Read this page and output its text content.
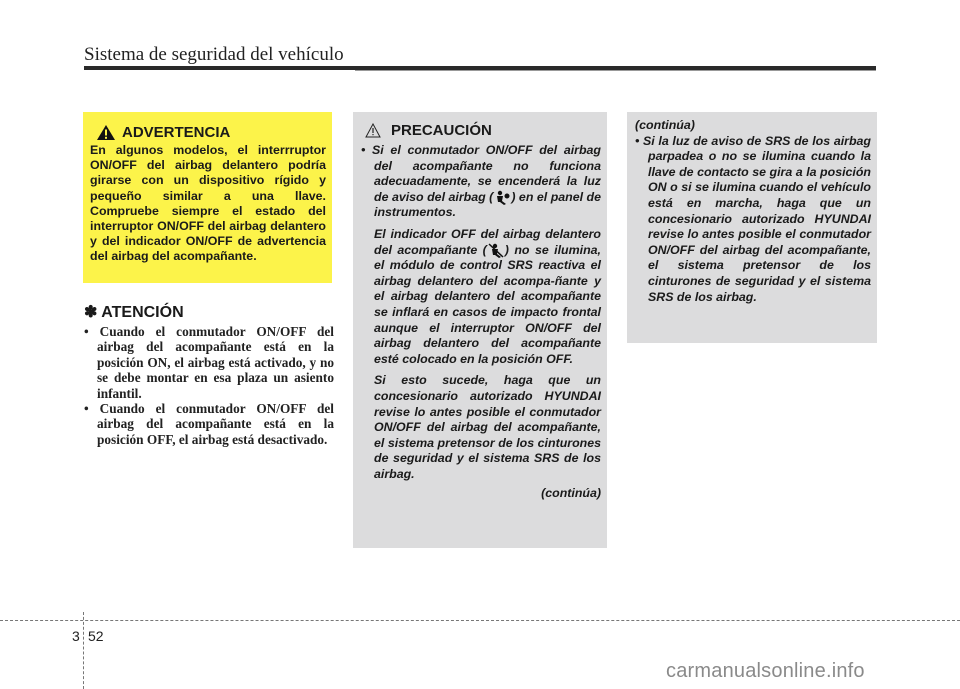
Sistema de seguridad del vehículo
ADVERTENCIA
En algunos modelos, el interrruptor ON/OFF del airbag delantero podría girarse con un dispositivo rígido y pequeño similar a una llave. Compruebe siempre el estado del interruptor ON/OFF del airbag delantero y del indicador ON/OFF de advertencia del airbag del acompañante.
✽ ATENCIÓN
• Cuando el conmutador ON/OFF del airbag del acompañante está en la posición ON, el airbag está activado, y no se debe montar en esa plaza un asiento infantil.
• Cuando el conmutador ON/OFF del airbag del acompañante está en la posición OFF, el airbag está desactivado.
PRECAUCIÓN
• Si el conmutador ON/OFF del airbag del acompañante no funciona adecuadamente, se encenderá la luz de aviso del airbag ( ) en el panel de instrumentos.
El indicador OFF del airbag delantero del acompañante ( ) no se ilumina, el módulo de control SRS reactiva el airbag delantero del acompa-ñante y el airbag delantero del acompañante se inflará en casos de impacto frontal aunque el interruptor ON/OFF del airbag delantero del acompañante esté colocado en la posición OFF.
Si esto sucede, haga que un concesionario autorizado HYUNDAI revise lo antes posible el conmutador ON/OFF del airbag del acompañante, el sistema pretensor de los cinturones de seguridad y el sistema SRS de los airbag.
(continúa)
(continúa)
• Si la luz de aviso de SRS de los airbag parpadea o no se ilumina cuando la llave de contacto se gira a la posición ON o si se ilumina cuando el vehículo está en marcha, haga que un concesionario autorizado HYUNDAI revise lo antes posible el conmutador ON/OFF del airbag del acompañante, el sistema pretensor de los cinturones de seguridad y el sistema SRS de los airbag.
3 52
carmanualsonline.info
